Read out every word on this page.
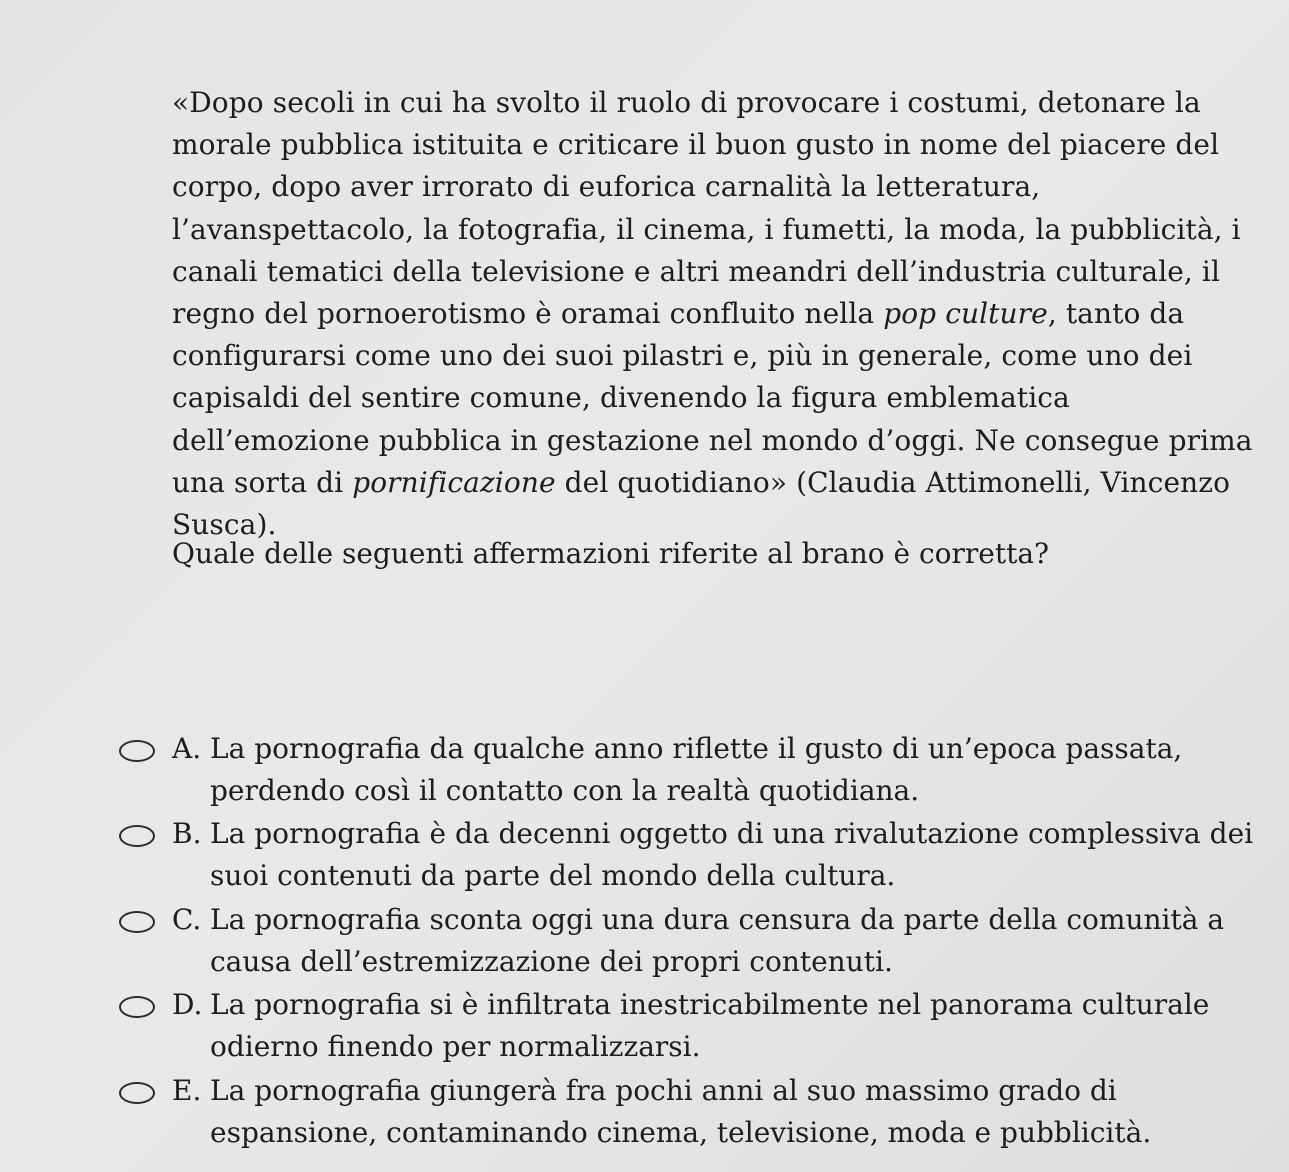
«Dopo secoli in cui ha svolto il ruolo di provocare i costumi, detonare la morale pubblica istituita e criticare il buon gusto in nome del piacere del corpo, dopo aver irrorato di euforica carnalità la letteratura, l’avanspettacolo, la fotografia, il cinema, i fumetti, la moda, la pubblicità, i canali tematici della televisione e altri meandri dell’industria culturale, il regno del pornoerotismo è oramai confluito nella pop culture, tanto da configurarsi come uno dei suoi pilastri e, più in generale, come uno dei capisaldi del sentire comune, divenendo la figura emblematica dell’emozione pubblica in gestazione nel mondo d’oggi. Ne consegue prima una sorta di pornificazione del quotidiano» (Claudia Attimonelli, Vincenzo Susca).

Quale delle seguenti affermazioni riferite al brano è corretta?

A. La pornografia da qualche anno riflette il gusto di un’epoca passata, perdendo così il contatto con la realtà quotidiana.
B. La pornografia è da decenni oggetto di una rivalutazione complessiva dei suoi contenuti da parte del mondo della cultura.
C. La pornografia sconta oggi una dura censura da parte della comunità a causa dell’estremizzazione dei propri contenuti.
D. La pornografia si è infiltrata inestricabilmente nel panorama culturale odierno finendo per normalizzarsi.
E. La pornografia giungerà fra pochi anni al suo massimo grado di espansione, contaminando cinema, televisione, moda e pubblicità.
